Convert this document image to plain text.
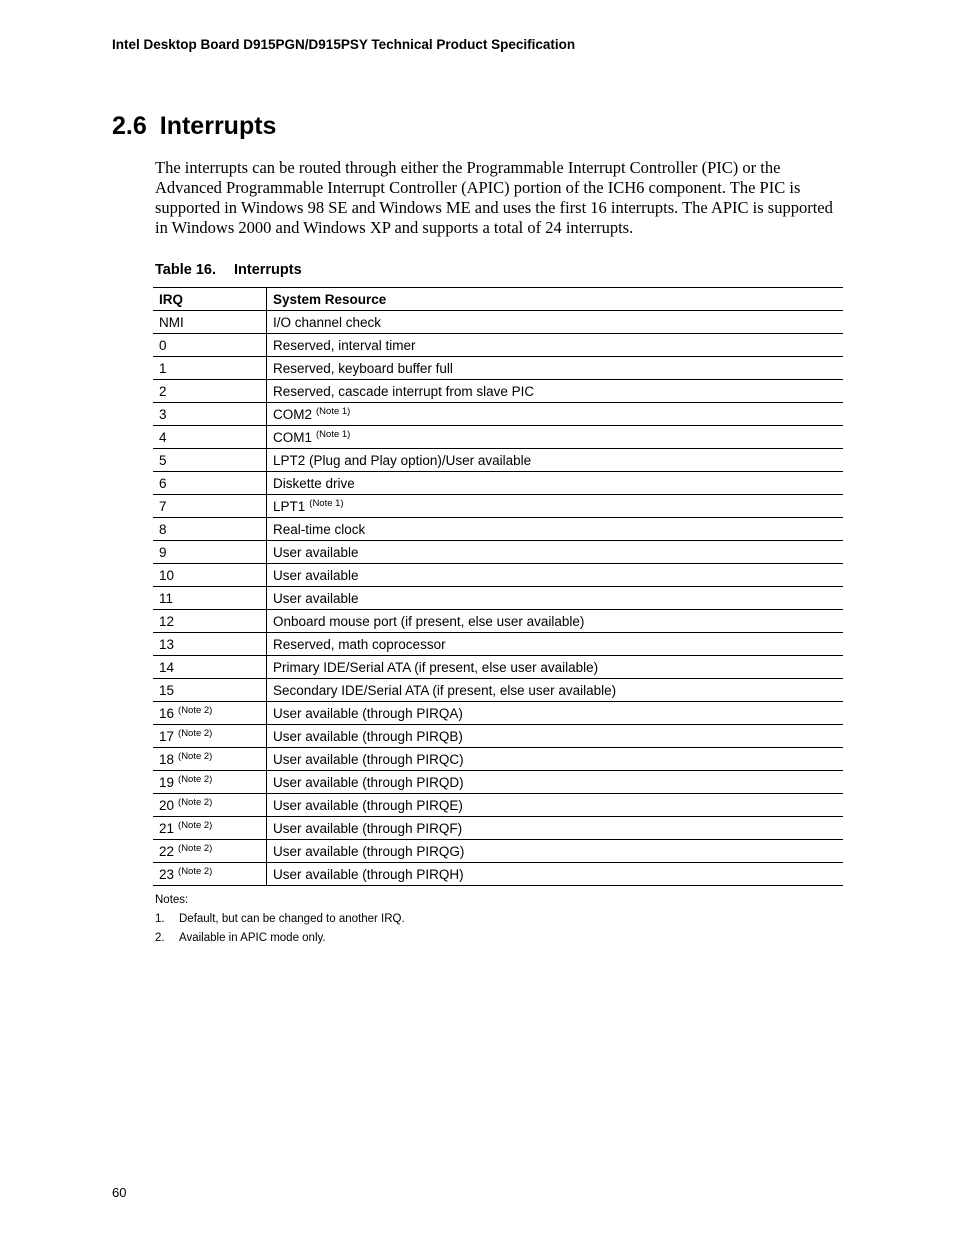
Intel Desktop Board D915PGN/D915PSY Technical Product Specification
2.6 Interrupts

The interrupts can be routed through either the Programmable Interrupt Controller (PIC) or the Advanced Programmable Interrupt Controller (APIC) portion of the ICH6 component. The PIC is supported in Windows 98 SE and Windows ME and uses the first 16 interrupts. The APIC is supported in Windows 2000 and Windows XP and supports a total of 24 interrupts.

Table 16. Interrupts
IRQ	System Resource
NMI	I/O channel check
0	Reserved, interval timer
1	Reserved, keyboard buffer full
2	Reserved, cascade interrupt from slave PIC
3	COM2 $^{(Note 1)}$
4	COM1 $^{(Note 1)}$
5	LPT2 (Plug and Play option)/User available
6	Diskette drive
7	LPT1 $^{(Note 1)}$
8	Real-time clock
9	User available
10	User available
11	User available
12	Onboard mouse port (if present, else user available)
13	Reserved, math coprocessor
14	Primary IDE/Serial ATA (if present, else user available)
15	Secondary IDE/Serial ATA (if present, else user available)
16 $^{(Note 2)}$	User available (through PIRQA)
17 $^{(Note 2)}$	User available (through PIRQB)
18 $^{(Note 2)}$	User available (through PIRQC)
19 $^{(Note 2)}$	User available (through PIRQD)
20 $^{(Note 2)}$	User available (through PIRQE)
21 $^{(Note 2)}$	User available (through PIRQF)
22 $^{(Note 2)}$	User available (through PIRQG)
23 $^{(Note 2)}$	User available (through PIRQH)
Notes:
1. Default, but can be changed to another IRQ.
2. Available in APIC mode only.
60
